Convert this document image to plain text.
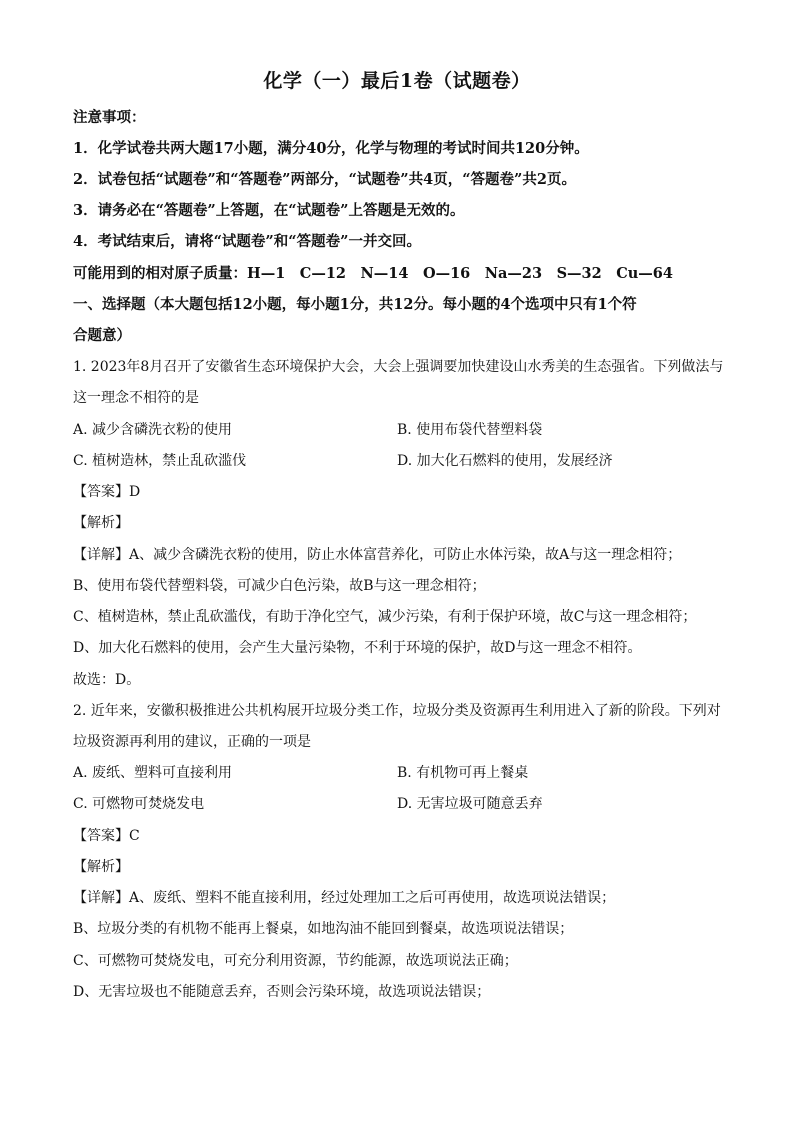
化学（一）最后1卷（试题卷）
注意事项：
1．化学试卷共两大题17小题，满分40分，化学与物理的考试时间共120分钟。
2．试卷包括“试题卷”和“答题卷”两部分，“试题卷”共4页，“答题卷”共2页。
3．请务必在“答题卷”上答题，在“试题卷”上答题是无效的。
4．考试结束后，请将“试题卷”和“答题卷”一并交回。
可能用到的相对原子质量：H—1　C—12　N—14　O—16　Na—23　S—32　Cu—64
一、选择题（本大题包括12小题，每小题1分，共12分。每小题的4个选项中只有1个符
合题意）
1. 2023年8月召开了安徽省生态环境保护大会，大会上强调要加快建设山水秀美的生态强省。下列做法与
这一理念不相符的是
A. 减少含磷洗衣粉的使用	B. 使用布袋代替塑料袋
C. 植树造林，禁止乱砍滥伐	D. 加大化石燃料的使用，发展经济
【答案】D
【解析】
【详解】A、减少含磷洗衣粉的使用，防止水体富营养化，可防止水体污染，故A与这一理念相符；
B、使用布袋代替塑料袋，可减少白色污染，故B与这一理念相符；
C、植树造林，禁止乱砍滥伐，有助于净化空气，减少污染，有利于保护环境，故C与这一理念相符；
D、加大化石燃料的使用，会产生大量污染物，不利于环境的保护，故D与这一理念不相符。
故选：D。
2. 近年来，安徽积极推进公共机构展开垃圾分类工作，垃圾分类及资源再生利用进入了新的阶段。下列对
垃圾资源再利用的建议，正确的一项是
A. 废纸、塑料可直接利用	B. 有机物可再上餐桌
C. 可燃物可焚烧发电	D. 无害垃圾可随意丢弃
【答案】C
【解析】
【详解】A、废纸、塑料不能直接利用，经过处理加工之后可再使用，故选项说法错误；
B、垃圾分类的有机物不能再上餐桌，如地沟油不能回到餐桌，故选项说法错误；
C、可燃物可焚烧发电，可充分利用资源，节约能源，故选项说法正确；
D、无害垃圾也不能随意丢弃，否则会污染环境，故选项说法错误；
